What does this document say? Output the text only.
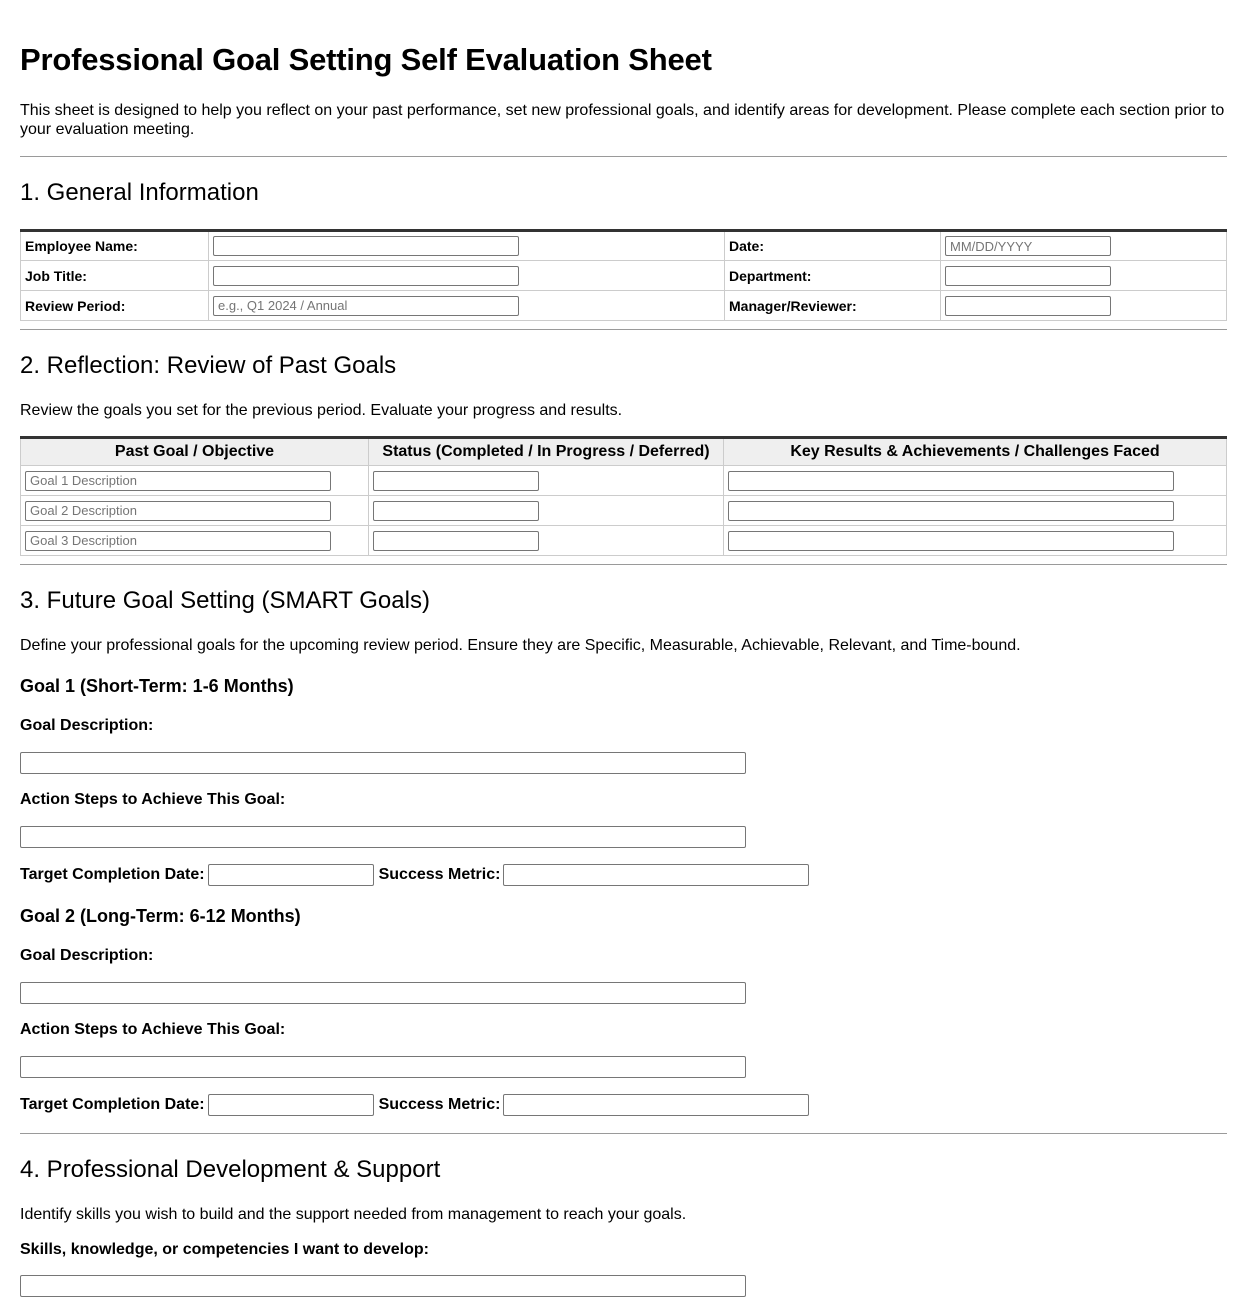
Professional Goal Setting Self Evaluation Sheet

This sheet is designed to help you reflect on your past performance, set new professional goals, and identify areas for development. Please complete each section prior to your evaluation meeting.

1. General Information
Employee Name:		Date:	MM/DD/YYYY
Job Title:		Department:	
Review Period:	e.g., Q1 2024 / Annual	Manager/Reviewer:	
2. Reflection: Review of Past Goals

Review the goals you set for the previous period. Evaluate your progress and results.

Past Goal / Objective	Status (Completed / In Progress / Deferred)	Key Results & Achievements / Challenges Faced
Goal 1 Description		
Goal 2 Description		
Goal 3 Description		
3. Future Goal Setting (SMART Goals)

Define your professional goals for the upcoming review period. Ensure they are Specific, Measurable, Achievable, Relevant, and Time-bound.

Goal 1 (Short-Term: 1-6 Months)
Goal Description:
Action Steps to Achieve This Goal:
Target Completion Date:	Success Metric:
Goal 2 (Long-Term: 6-12 Months)
Goal Description:
Action Steps to Achieve This Goal:
Target Completion Date:	Success Metric:
4. Professional Development & Support

Identify skills you wish to build and the support needed from management to reach your goals.

Skills, knowledge, or competencies I want to develop:
